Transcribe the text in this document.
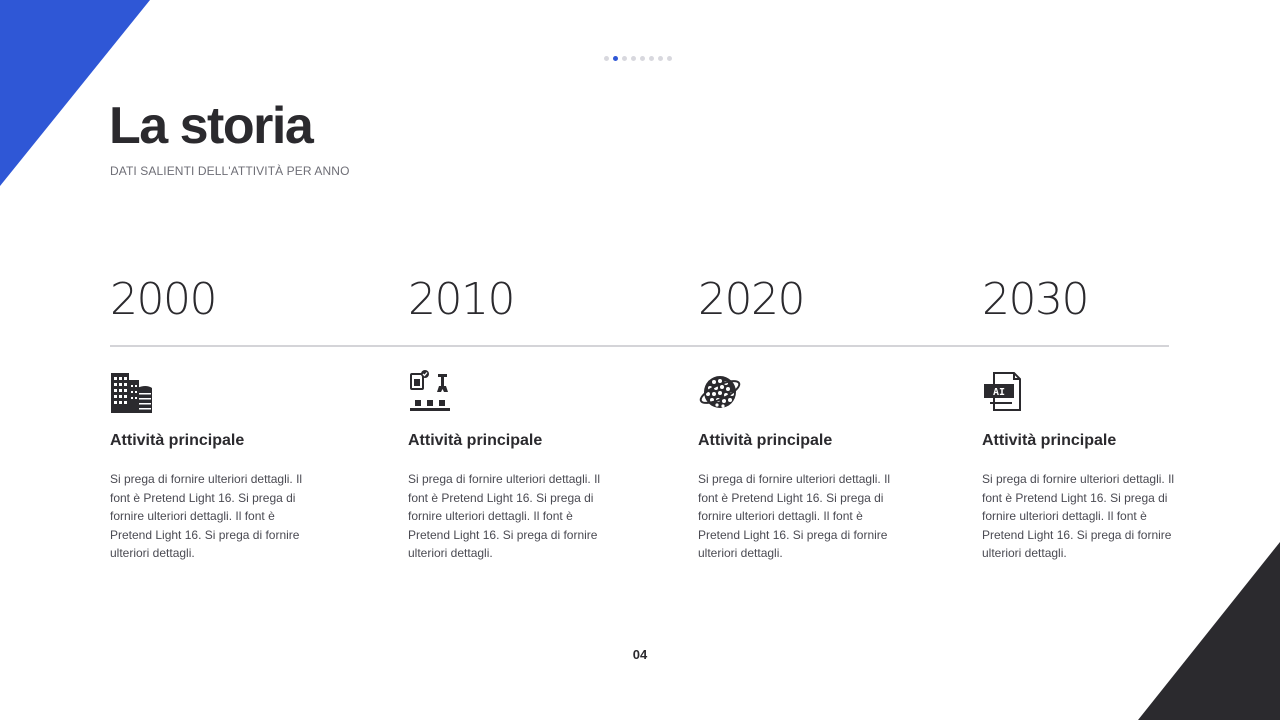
La storia
DATI SALIENTI DELL'ATTIVITÀ PER ANNO
2000
Attività principale
Si prega di fornire ulteriori dettagli. Il font è Pretend Light 16. Si prega di fornire ulteriori dettagli. Il font è Pretend Light 16. Si prega di fornire ulteriori dettagli.
2010
Attività principale
Si prega di fornire ulteriori dettagli. Il font è Pretend Light 16. Si prega di fornire ulteriori dettagli. Il font è Pretend Light 16. Si prega di fornire ulteriori dettagli.
2020
Attività principale
Si prega di fornire ulteriori dettagli. Il font è Pretend Light 16. Si prega di fornire ulteriori dettagli. Il font è Pretend Light 16. Si prega di fornire ulteriori dettagli.
2030
AI
Attività principale
Si prega di fornire ulteriori dettagli. Il font è Pretend Light 16. Si prega di fornire ulteriori dettagli. Il font è Pretend Light 16. Si prega di fornire ulteriori dettagli.
04
